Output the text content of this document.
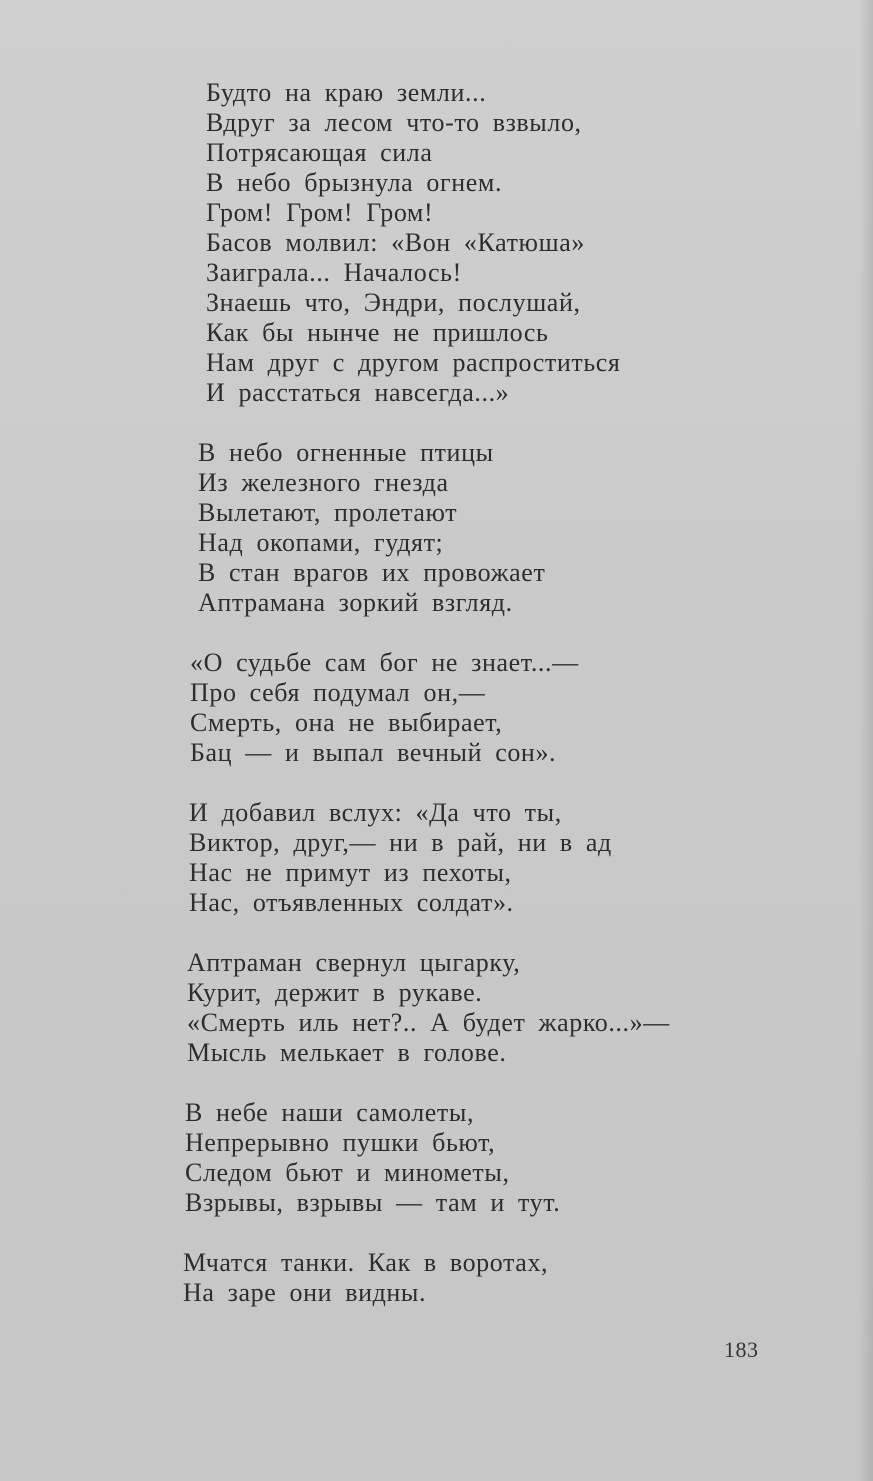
Будто на краю земли...
Вдруг за лесом что-то взвыло,
Потрясающая сила
В небо брызнула огнем.
Гром! Гром! Гром!
Басов молвил: «Вон «Катюша»
Заиграла... Началось!
Знаешь что, Эндри, послушай,
Как бы нынче не пришлось
Нам друг с другом распроститься
И расстаться навсегда...»
В небо огненные птицы
Из железного гнезда
Вылетают, пролетают
Над окопами, гудят;
В стан врагов их провожает
Аптрамана зоркий взгляд.
«О судьбе сам бог не знает...—
Про себя подумал он,—
Смерть, она не выбирает,
Бац — и выпал вечный сон».
И добавил вслух: «Да что ты,
Виктор, друг,— ни в рай, ни в ад
Нас не примут из пехоты,
Нас, отъявленных солдат».
Аптраман свернул цыгарку,
Курит, держит в рукаве.
«Смерть иль нет?.. А будет жарко...»—
Мысль мелькает в голове.
В небе наши самолеты,
Непрерывно пушки бьют,
Следом бьют и минометы,
Взрывы, взрывы — там и тут.
Мчатся танки. Как в воротах,
На заре они видны.
183
